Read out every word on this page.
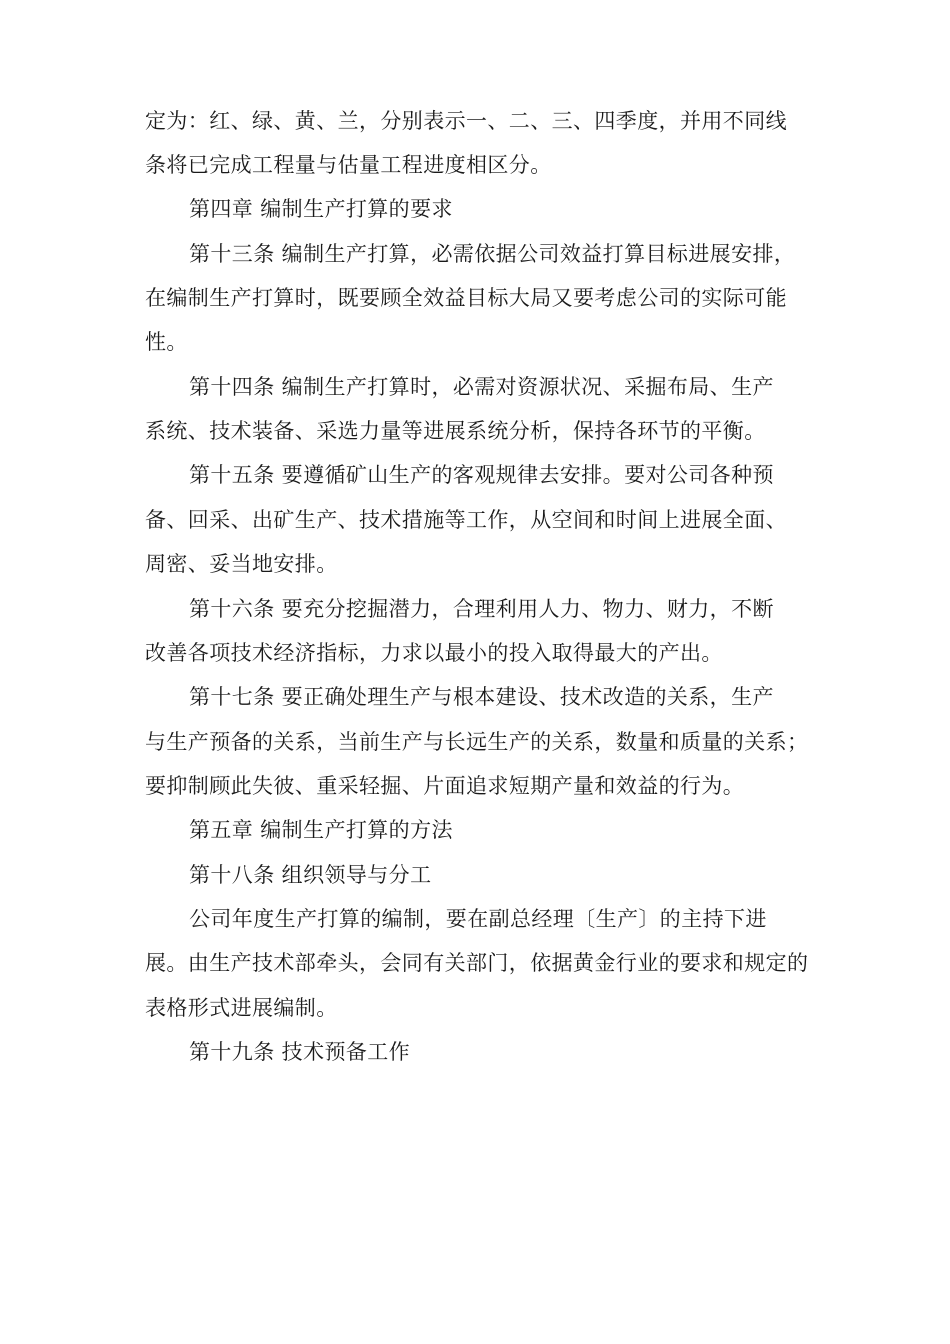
定为：红、绿、黄、兰，分别表示一、二、三、四季度，并用不同线
条将已完成工程量与估量工程进度相区分。
第四章 编制生产打算的要求
第十三条 编制生产打算，必需依据公司效益打算目标进展安排，
在编制生产打算时，既要顾全效益目标大局又要考虑公司的实际可能
性。
第十四条 编制生产打算时，必需对资源状况、采掘布局、生产
系统、技术装备、采选力量等进展系统分析，保持各环节的平衡。
第十五条 要遵循矿山生产的客观规律去安排。要对公司各种预
备、回采、出矿生产、技术措施等工作，从空间和时间上进展全面、
周密、妥当地安排。
第十六条 要充分挖掘潜力，合理利用人力、物力、财力，不断
改善各项技术经济指标，力求以最小的投入取得最大的产出。
第十七条 要正确处理生产与根本建设、技术改造的关系，生产
与生产预备的关系，当前生产与长远生产的关系，数量和质量的关系；
要抑制顾此失彼、重采轻掘、片面追求短期产量和效益的行为。
第五章 编制生产打算的方法
第十八条 组织领导与分工
公司年度生产打算的编制，要在副总经理〔生产〕的主持下进
展。由生产技术部牵头，会同有关部门，依据黄金行业的要求和规定的
表格形式进展编制。
第十九条 技术预备工作
